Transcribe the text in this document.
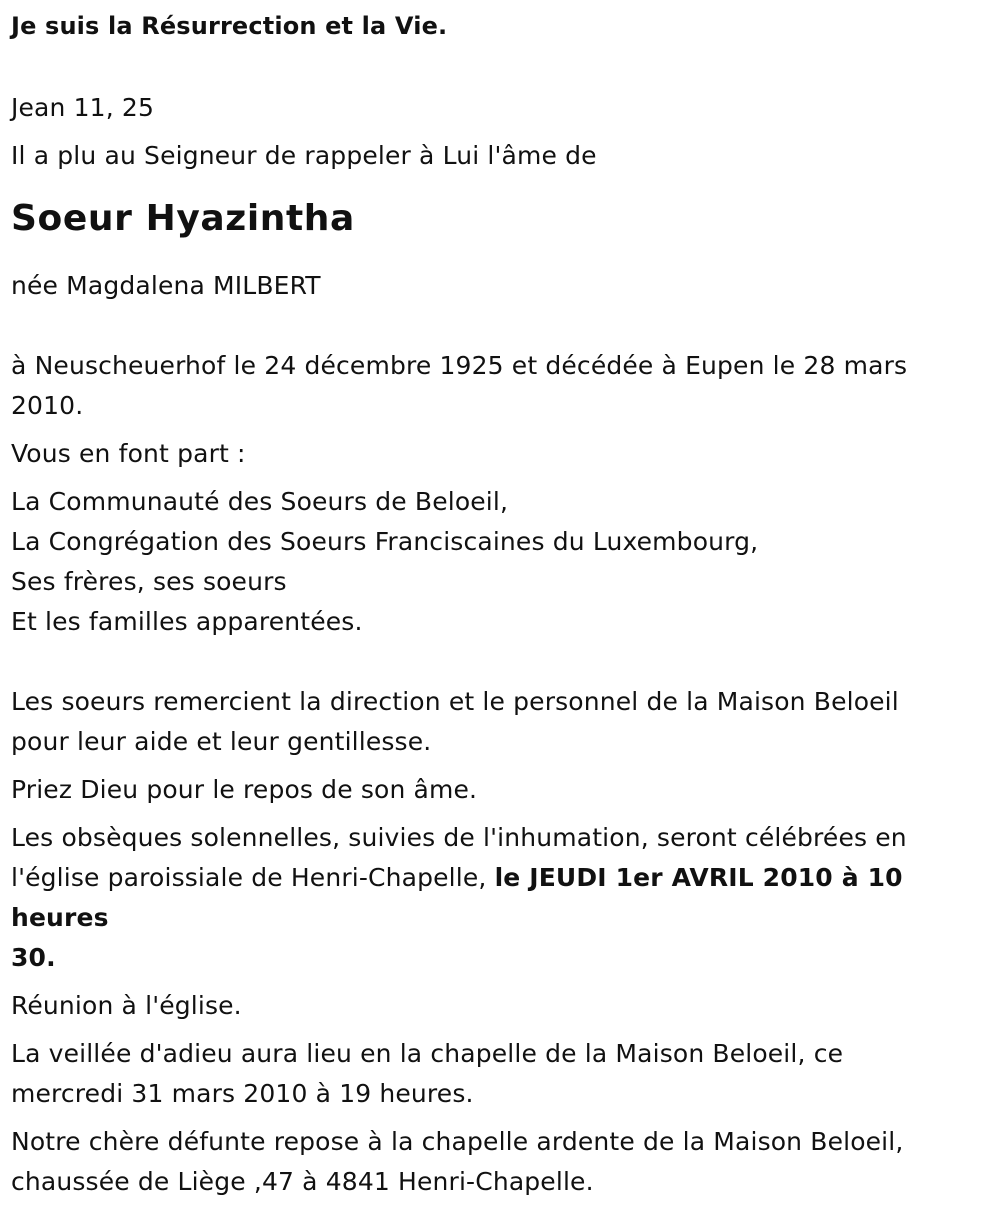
Je suis la Résurrection et la Vie.
Jean 11, 25
Il a plu au Seigneur de rappeler à Lui l'âme de
Soeur Hyazintha
née Magdalena MILBERT
à Neuscheuerhof le 24 décembre 1925 et décédée à Eupen le 28 mars
2010.
Vous en font part :
La Communauté des Soeurs de Beloeil,
La Congrégation des Soeurs Franciscaines du Luxembourg,
Ses frères, ses soeurs
Et les familles apparentées.
Les soeurs remercient la direction et le personnel de la Maison Beloeil
pour leur aide et leur gentillesse.
Priez Dieu pour le repos de son âme.
Les obsèques solennelles, suivies de l'inhumation, seront célébrées en
l'église paroissiale de Henri-Chapelle, le JEUDI 1er AVRIL 2010 à 10 heures
30.
Réunion à l'église.
La veillée d'adieu aura lieu en la chapelle de la Maison Beloeil, ce
mercredi 31 mars 2010 à 19 heures.
Notre chère défunte repose à la chapelle ardente de la Maison Beloeil,
chaussée de Liège ,47 à 4841 Henri-Chapelle.
